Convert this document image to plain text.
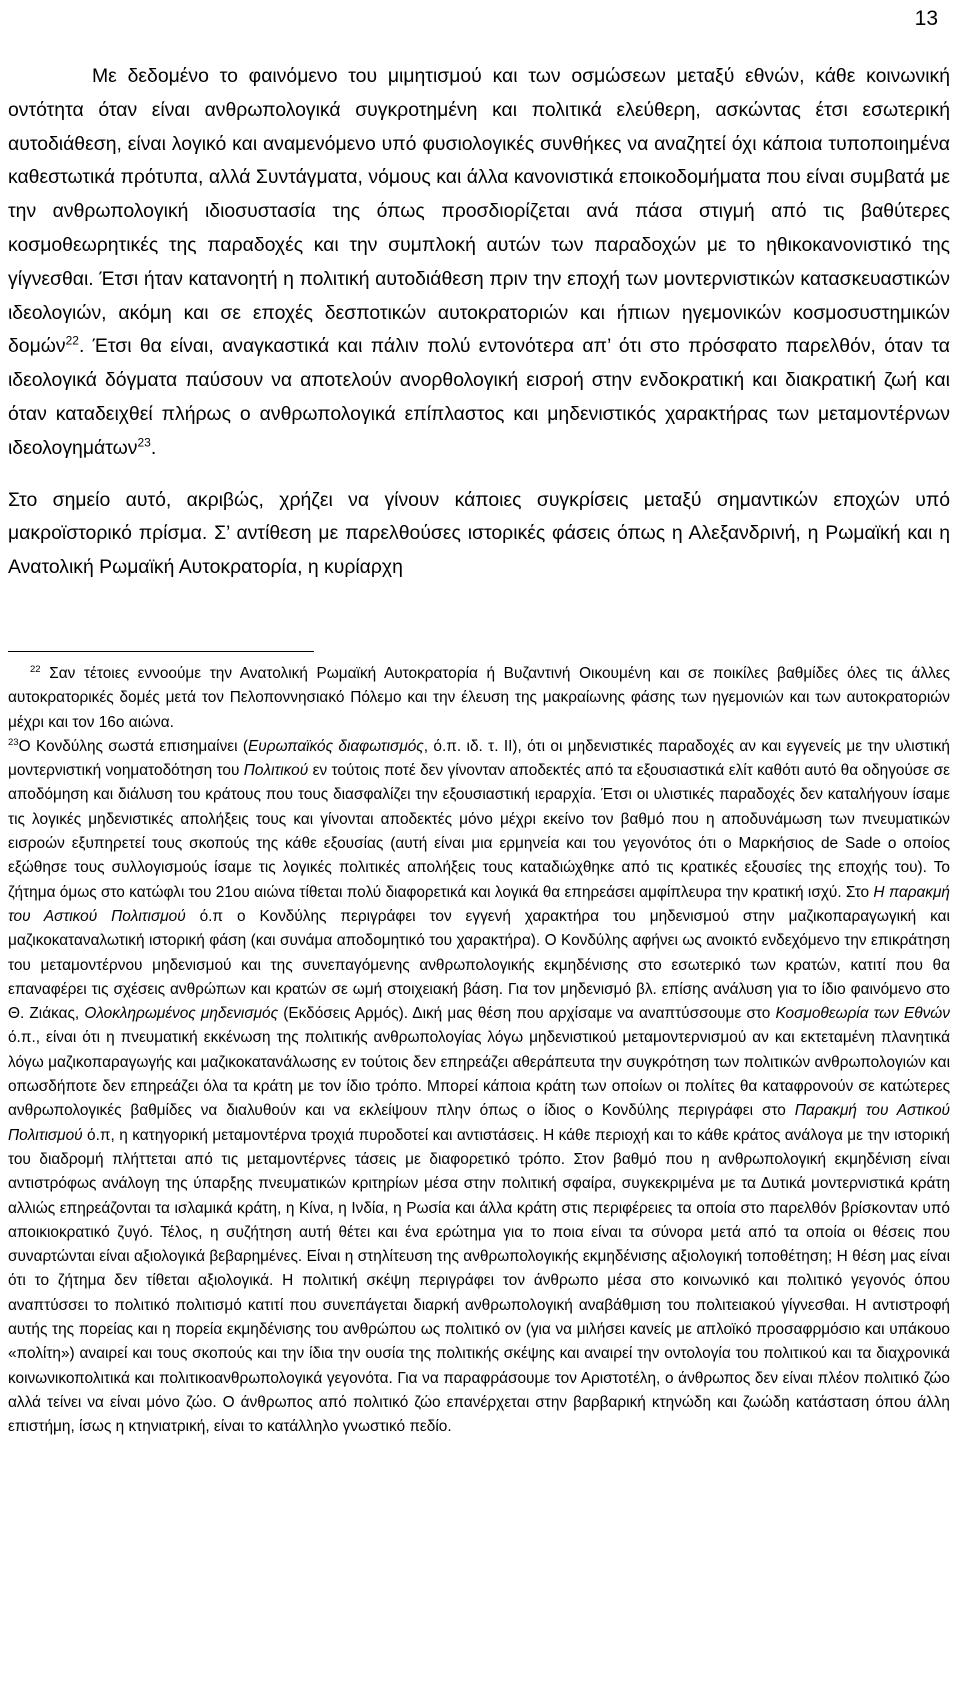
13

Με δεδομένο το φαινόμενο του μιμητισμού και των οσμώσεων μεταξύ εθνών, κάθε κοινωνική οντότητα όταν είναι ανθρωπολογικά συγκροτημένη και πολιτικά ελεύθερη, ασκώντας έτσι εσωτερική αυτοδιάθεση, είναι λογικό και αναμενόμενο υπό φυσιολογικές συνθήκες να αναζητεί όχι κάποια τυποποιημένα καθεστωτικά πρότυπα, αλλά Συντάγματα, νόμους και άλλα κανονιστικά εποικοδομήματα που είναι συμβατά με την ανθρωπολογική ιδιοσυστασία της όπως προσδιορίζεται ανά πάσα στιγμή από τις βαθύτερες κοσμοθεωρητικές της παραδοχές και την συμπλοκή αυτών των παραδοχών με το ηθικοκανονιστικό της γίγνεσθαι. Έτσι ήταν κατανοητή η πολιτική αυτοδιάθεση πριν την εποχή των μοντερνιστικών κατασκευαστικών ιδεολογιών, ακόμη και σε εποχές δεσποτικών αυτοκρατοριών και ήπιων ηγεμονικών κοσμοσυστημικών δομών$^{22}$. Έτσι θα είναι, αναγκαστικά και πάλιν πολύ εντονότερα απ’ ότι στο πρόσφατο παρελθόν, όταν τα ιδεολογικά δόγματα παύσουν να αποτελούν ανορθολογική εισροή στην ενδοκρατική και διακρατική ζωή και όταν καταδειχθεί πλήρως ο ανθρωπολογικά επίπλαστος και μηδενιστικός χαρακτήρας των μεταμοντέρνων ιδεολογημάτων$^{23}$.

Στο σημείο αυτό, ακριβώς, χρήζει να γίνουν κάποιες συγκρίσεις μεταξύ σημαντικών εποχών υπό μακροϊστορικό πρίσμα. Σ’ αντίθεση με παρελθούσες ιστορικές φάσεις όπως η Αλεξανδρινή, η Ρωμαϊκή και η Ανατολική Ρωμαϊκή Αυτοκρατορία, η κυρίαρχη

$^{22}$ Σαν τέτοιες εννοούμε την Ανατολική Ρωμαϊκή Αυτοκρατορία ή Βυζαντινή Οικουμένη και σε ποικίλες βαθμίδες όλες τις άλλες αυτοκρατορικές δομές μετά τον Πελοποννησιακό Πόλεμο και την έλευση της μακραίωνης φάσης των ηγεμονιών και των αυτοκρατοριών μέχρι και τον 16ο αιώνα.

$^{23}$Ο Κονδύλης σωστά επισημαίνει (Ευρωπαϊκός διαφωτισμός, ό.π. ιδ. τ. ΙΙ), ότι οι μηδενιστικές παραδοχές αν και εγγενείς με την υλιστική μοντερνιστική νοηματοδότηση του Πολιτικού εν τούτοις ποτέ δεν γίνονταν αποδεκτές από τα εξουσιαστικά ελίτ καθότι αυτό θα οδηγούσε σε αποδόμηση και διάλυση του κράτους που τους διασφαλίζει την εξουσιαστική ιεραρχία. Έτσι οι υλιστικές παραδοχές δεν καταλήγουν ίσαμε τις λογικές μηδενιστικές απολήξεις τους και γίνονται αποδεκτές μόνο μέχρι εκείνο τον βαθμό που η αποδυνάμωση των πνευματικών εισροών εξυπηρετεί τους σκοπούς της κάθε εξουσίας (αυτή είναι μια ερμηνεία και του γεγονότος ότι ο Μαρκήσιος de Sade ο οποίος εξώθησε τους συλλογισμούς ίσαμε τις λογικές πολιτικές απολήξεις τους καταδιώχθηκε από τις κρατικές εξουσίες της εποχής του). Το ζήτημα όμως στο κατώφλι του 21ου αιώνα τίθεται πολύ διαφορετικά και λογικά θα επηρεάσει αμφίπλευρα την κρατική ισχύ. Στο Η παρακμή του Αστικού Πολιτισμού ό.π ο Κονδύλης περιγράφει τον εγγενή χαρακτήρα του μηδενισμού στην μαζικοπαραγωγική και μαζικοκαταναλωτική ιστορική φάση (και συνάμα αποδομητικό του χαρακτήρα). Ο Κονδύλης αφήνει ως ανοικτό ενδεχόμενο την επικράτηση του μεταμοντέρνου μηδενισμού και της συνεπαγόμενης ανθρωπολογικής εκμηδένισης στο εσωτερικό των κρατών, κατιτί που θα επαναφέρει τις σχέσεις ανθρώπων και κρατών σε ωμή στοιχειακή βάση. Για τον μηδενισμό βλ. επίσης ανάλυση για το ίδιο φαινόμενο στο Θ. Ζιάκας, Ολοκληρωμένος μηδενισμός (Εκδόσεις Αρμός). Δική μας θέση που αρχίσαμε να αναπτύσσουμε στο Κοσμοθεωρία των Εθνών ό.π., είναι ότι η πνευματική εκκένωση της πολιτικής ανθρωπολογίας λόγω μηδενιστικού μεταμοντερνισμού αν και εκτεταμένη πλανητικά λόγω μαζικοπαραγωγής και μαζικοκατανάλωσης εν τούτοις δεν επηρεάζει αθεράπευτα την συγκρότηση των πολιτικών ανθρωπολογιών και οπωσδήποτε δεν επηρεάζει όλα τα κράτη με τον ίδιο τρόπο. Μπορεί κάποια κράτη των οποίων οι πολίτες θα καταφρονούν σε κατώτερες ανθρωπολογικές βαθμίδες να διαλυθούν και να εκλείψουν πλην όπως ο ίδιος ο Κονδύλης περιγράφει στο Παρακμή του Αστικού Πολιτισμού ό.π, η κατηγορική μεταμοντέρνα τροχιά πυροδοτεί και αντιστάσεις. Η κάθε περιοχή και το κάθε κράτος ανάλογα με την ιστορική του διαδρομή πλήττεται από τις μεταμοντέρνες τάσεις με διαφορετικό τρόπο. Στον βαθμό που η ανθρωπολογική εκμηδένιση είναι αντιστρόφως ανάλογη της ύπαρξης πνευματικών κριτηρίων μέσα στην πολιτική σφαίρα, συγκεκριμένα με τα Δυτικά μοντερνιστικά κράτη αλλιώς επηρεάζονται τα ισλαμικά κράτη, η Κίνα, η Ινδία, η Ρωσία και άλλα κράτη στις περιφέρειες τα οποία στο παρελθόν βρίσκονταν υπό αποικιοκρατικό ζυγό. Τέλος, η συζήτηση αυτή θέτει και ένα ερώτημα για το ποια είναι τα σύνορα μετά από τα οποία οι θέσεις που συναρτώνται είναι αξιολογικά βεβαρημένες. Είναι η στηλίτευση της ανθρωπολογικής εκμηδένισης αξιολογική τοποθέτηση; Η θέση μας είναι ότι το ζήτημα δεν τίθεται αξιολογικά. Η πολιτική σκέψη περιγράφει τον άνθρωπο μέσα στο κοινωνικό και πολιτικό γεγονός όπου αναπτύσσει το πολιτικό πολιτισμό κατιτί που συνεπάγεται διαρκή ανθρωπολογική αναβάθμιση του πολιτειακού γίγνεσθαι. Η αντιστροφή αυτής της πορείας και η πορεία εκμηδένισης του ανθρώπου ως πολιτικό ον (για να μιλήσει κανείς με απλοϊκό προσαφρμόσιο και υπάκουο «πολίτη») αναιρεί και τους σκοπούς και την ίδια την ουσία της πολιτικής σκέψης και αναιρεί την οντολογία του πολιτικού και τα διαχρονικά κοινωνικοπολιτικά και πολιτικοανθρωπολογικά γεγονότα. Για να παραφράσουμε τον Αριστοτέλη, ο άνθρωπος δεν είναι πλέον πολιτικό ζώο αλλά τείνει να είναι μόνο ζώο. Ο άνθρωπος από πολιτικό ζώο επανέρχεται στην βαρβαρική κτηνώδη και ζωώδη κατάσταση όπου άλλη επιστήμη, ίσως η κτηνιατρική, είναι το κατάλληλο γνωστικό πεδίο.
